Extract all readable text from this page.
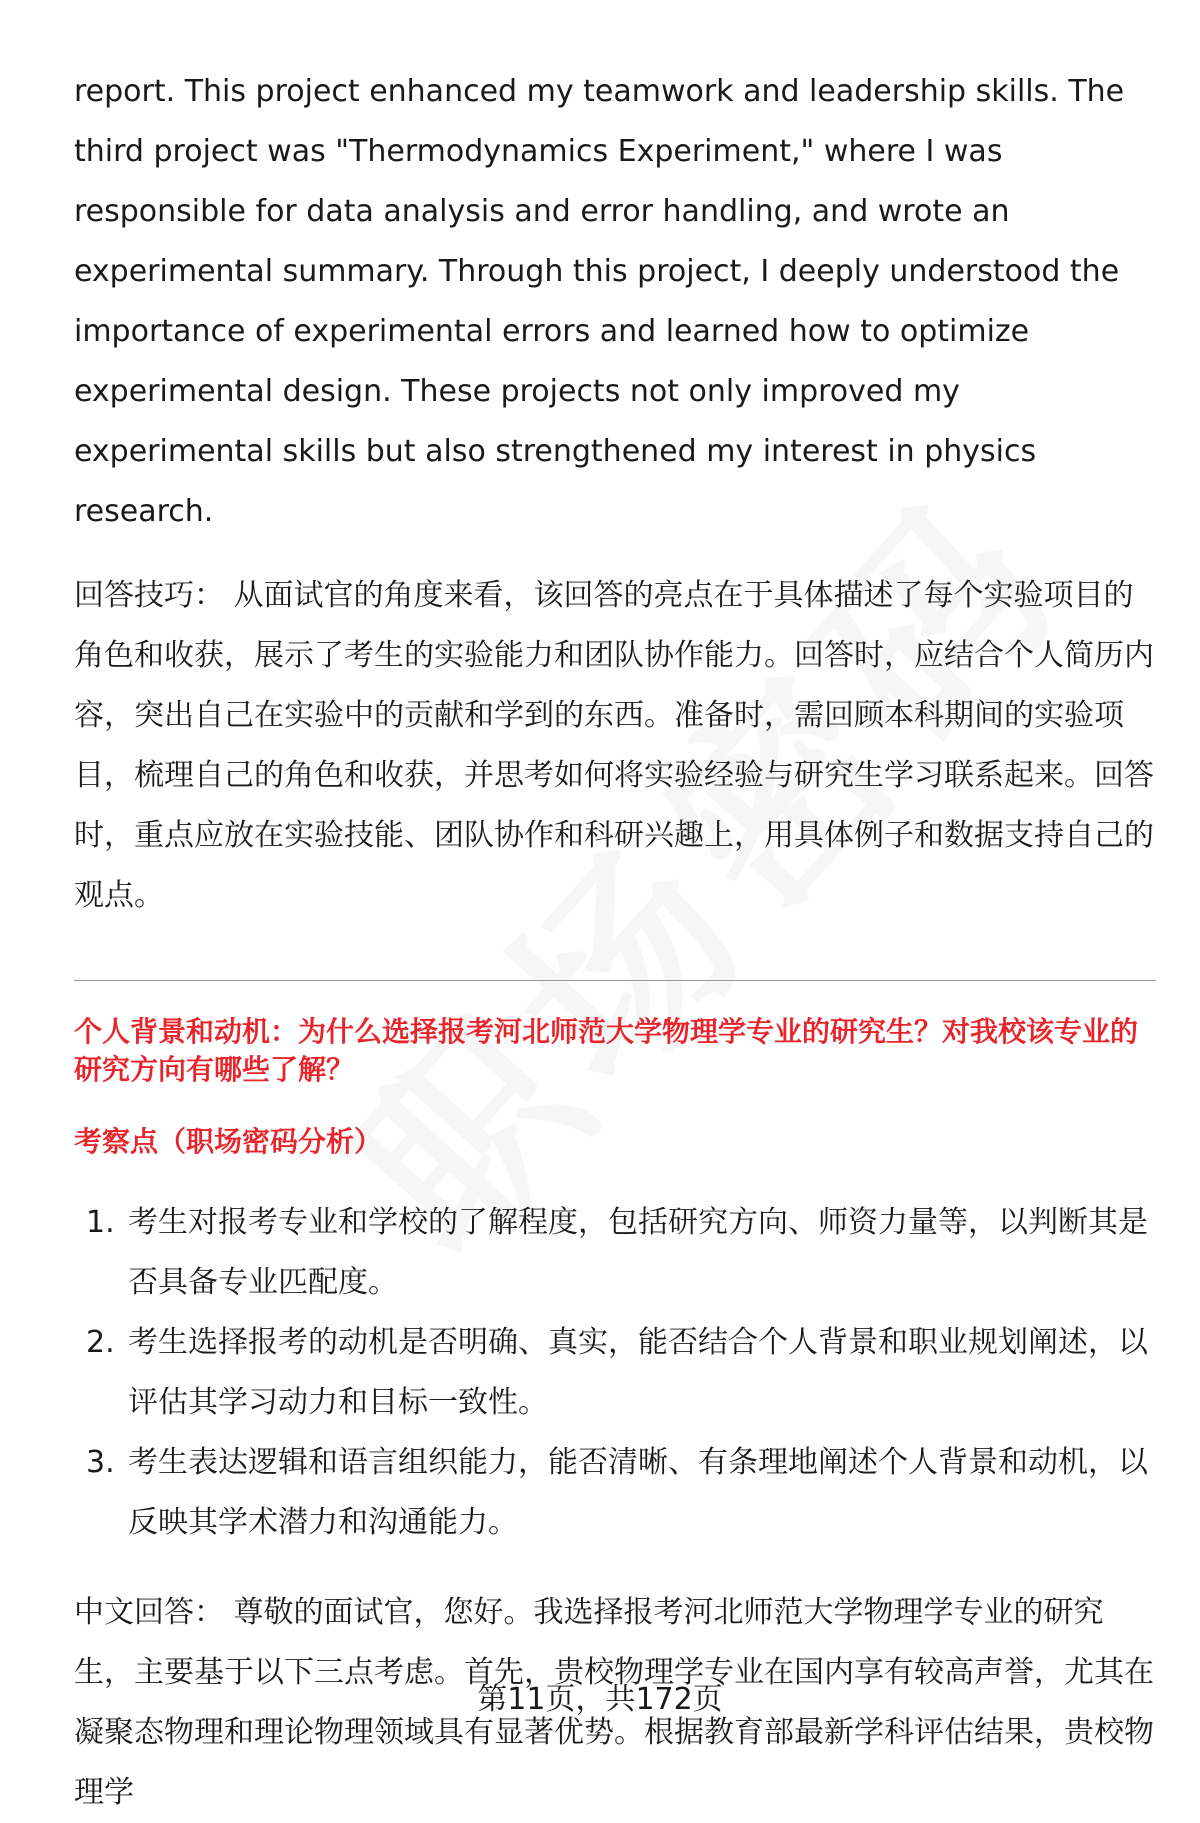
report. This project enhanced my teamwork and leadership skills. The third project was "Thermodynamics Experiment," where I was responsible for data analysis and error handling, and wrote an experimental summary. Through this project, I deeply understood the importance of experimental errors and learned how to optimize experimental design. These projects not only improved my experimental skills but also strengthened my interest in physics research.

回答技巧： 从面试官的角度来看，该回答的亮点在于具体描述了每个实验项目的角色和收获，展示了考生的实验能力和团队协作能力。回答时，应结合个人简历内容，突出自己在实验中的贡献和学到的东西。准备时，需回顾本科期间的实验项目，梳理自己的角色和收获，并思考如何将实验经验与研究生学习联系起来。回答时，重点应放在实验技能、团队协作和科研兴趣上，用具体例子和数据支持自己的观点。

个人背景和动机：为什么选择报考河北师范大学物理学专业的研究生？对我校该专业的研究方向有哪些了解？

考察点（职场密码分析）

1. 考生对报考专业和学校的了解程度，包括研究方向、师资力量等，以判断其是否具备专业匹配度。
2. 考生选择报考的动机是否明确、真实，能否结合个人背景和职业规划阐述，以评估其学习动力和目标一致性。
3. 考生表达逻辑和语言组织能力，能否清晰、有条理地阐述个人背景和动机，以反映其学术潜力和沟通能力。

中文回答： 尊敬的面试官，您好。我选择报考河北师范大学物理学专业的研究生，主要基于以下三点考虑。首先，贵校物理学专业在国内享有较高声誉，尤其在凝聚态物理和理论物理领域具有显著优势。根据教育部最新学科评估结果，贵校物理学

第11页，共172页
